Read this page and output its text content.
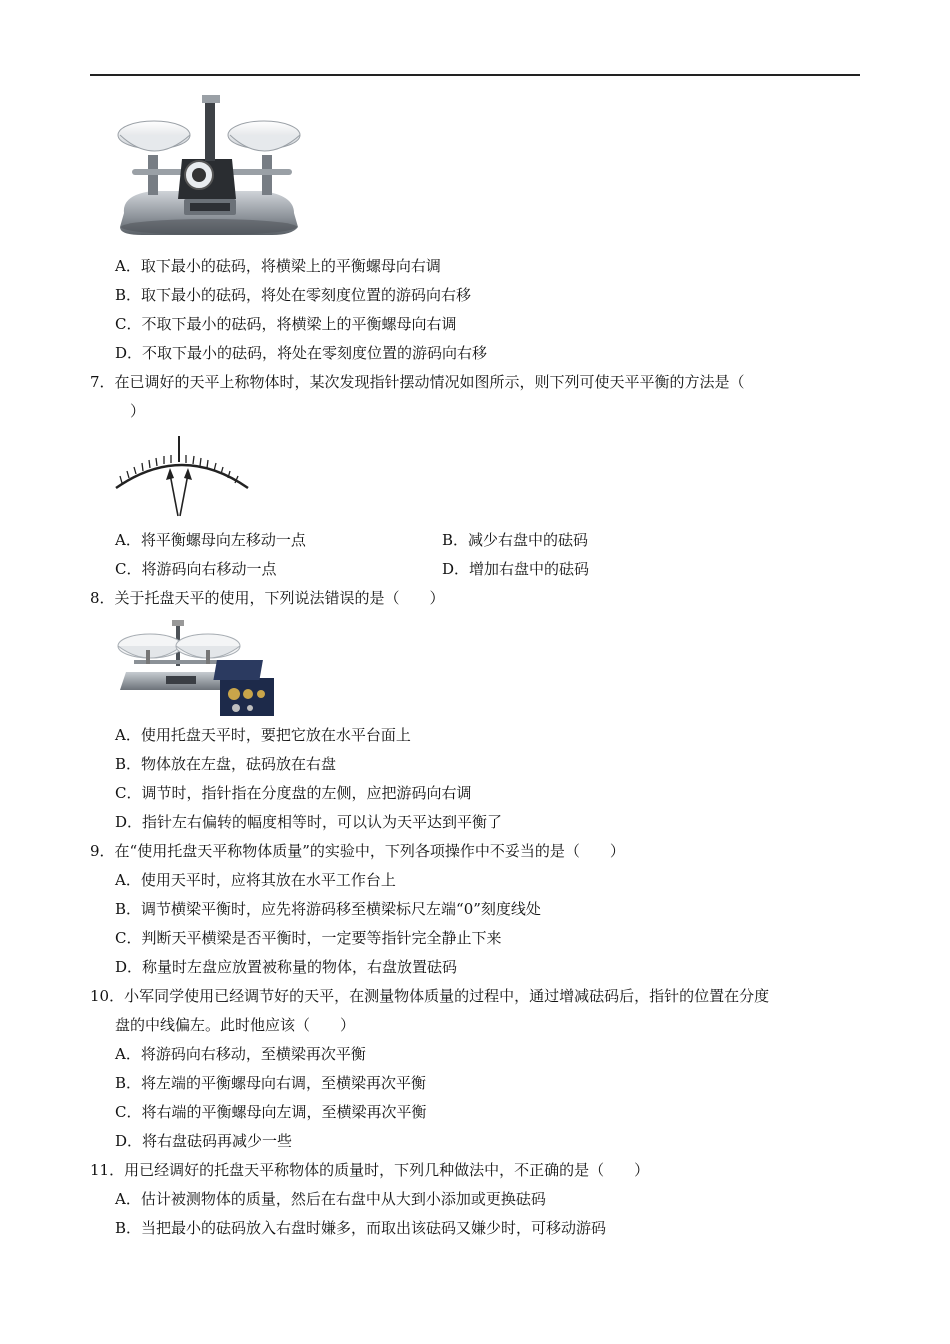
A．取下最小的砝码，将横梁上的平衡螺母向右调
B．取下最小的砝码，将处在零刻度位置的游码向右移
C．不取下最小的砝码，将横梁上的平衡螺母向右调
D．不取下最小的砝码，将处在零刻度位置的游码向右移
7．在已调好的天平上称物体时，某次发现指针摆动情况如图所示，则下列可使天平平衡的方法是（
）
A．将平衡螺母向左移动一点	B．减少右盘中的砝码
C．将游码向右移动一点	D．增加右盘中的砝码
8．关于托盘天平的使用，下列说法错误的是（　　）
A．使用托盘天平时，要把它放在水平台面上
B．物体放在左盘，砝码放在右盘
C．调节时，指针指在分度盘的左侧，应把游码向右调
D．指针左右偏转的幅度相等时，可以认为天平达到平衡了
9．在“使用托盘天平称物体质量”的实验中，下列各项操作中不妥当的是（　　）
A．使用天平时，应将其放在水平工作台上
B．调节横梁平衡时，应先将游码移至横梁标尺左端“0”刻度线处
C．判断天平横梁是否平衡时，一定要等指针完全静止下来
D．称量时左盘应放置被称量的物体，右盘放置砝码
10．小军同学使用已经调节好的天平，在测量物体质量的过程中，通过增减砝码后，指针的位置在分度
盘的中线偏左。此时他应该（　　）
A．将游码向右移动，至横梁再次平衡
B．将左端的平衡螺母向右调，至横梁再次平衡
C．将右端的平衡螺母向左调，至横梁再次平衡
D．将右盘砝码再减少一些
11．用已经调好的托盘天平称物体的质量时，下列几种做法中，不正确的是（　　）
A．估计被测物体的质量，然后在右盘中从大到小添加或更换砝码
B．当把最小的砝码放入右盘时嫌多，而取出该砝码又嫌少时，可移动游码
